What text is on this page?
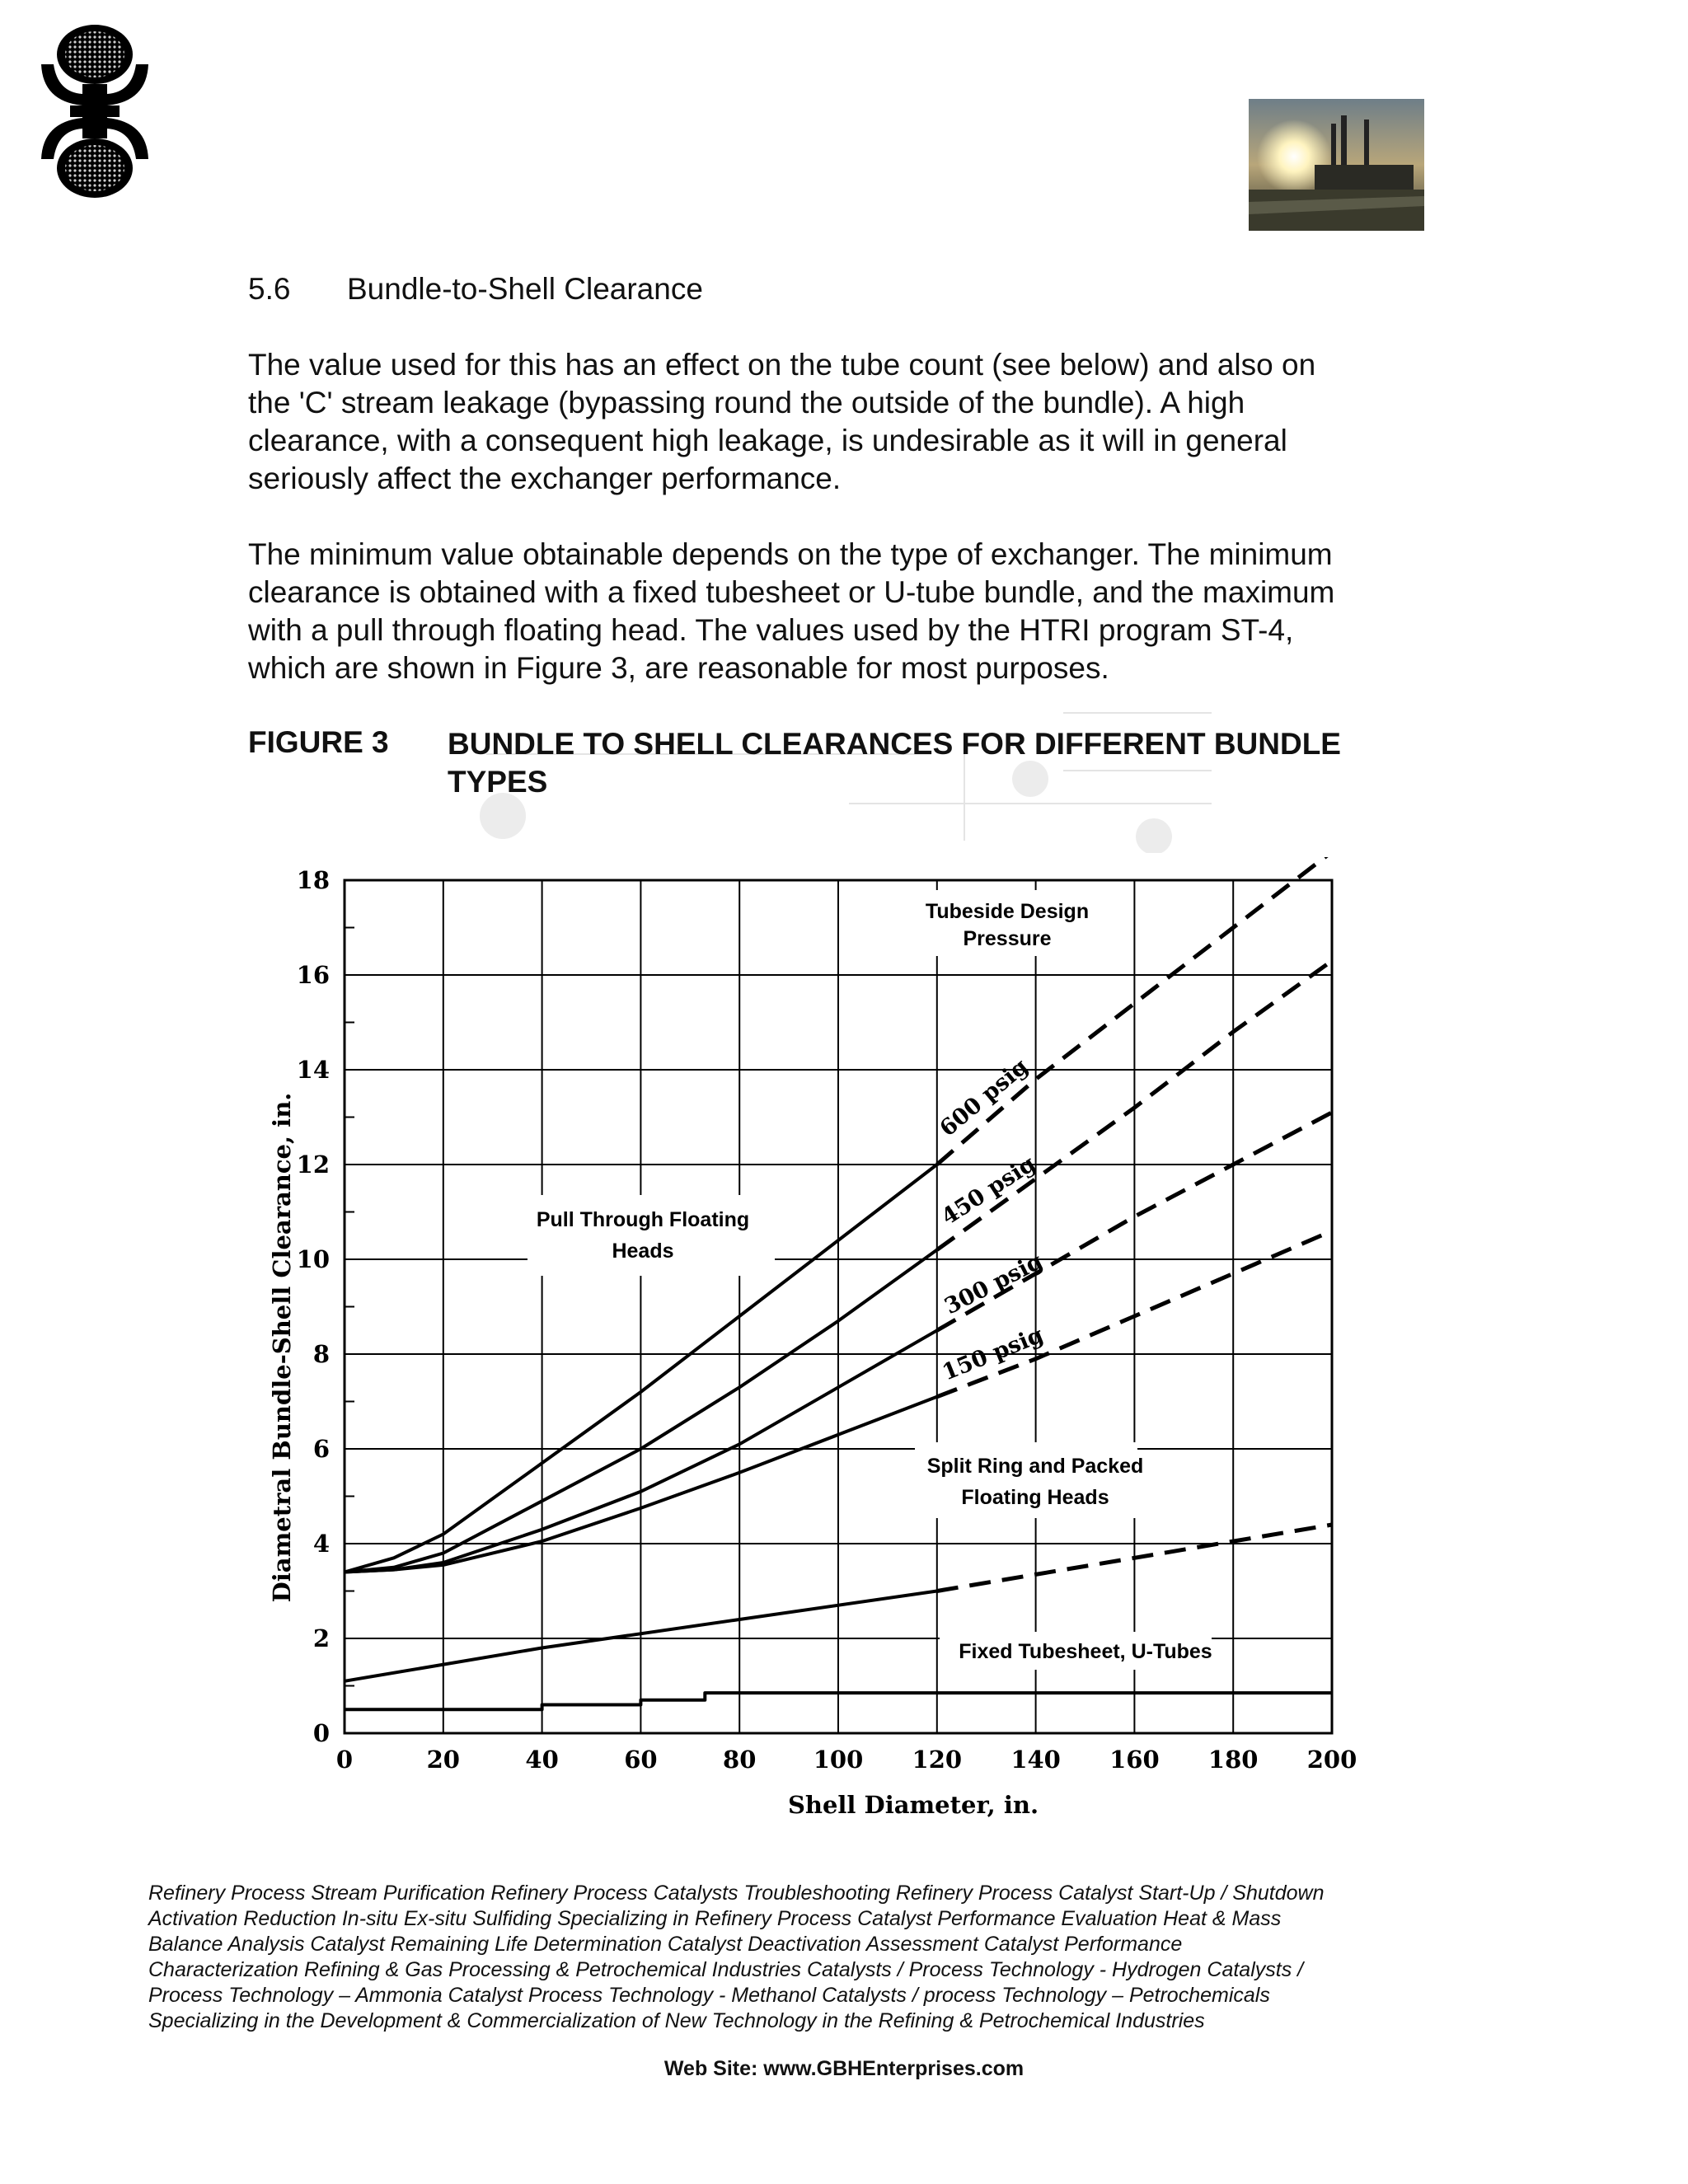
5.6 Bundle-to-Shell Clearance
The value used for this has an effect on the tube count (see below) and also on
the 'C' stream leakage (bypassing round the outside of the bundle). A high
clearance, with a consequent high leakage, is undesirable as it will in general
seriously affect the exchanger performance.
The minimum value obtainable depends on the type of exchanger. The minimum
clearance is obtained with a fixed tubesheet or U-tube bundle, and the maximum
with a pull through floating head. The values used by the HTRI program ST-4,
which are shown in Figure 3, are reasonable for most purposes.
FIGURE 3 BUNDLE TO SHELL CLEARANCES FOR DIFFERENT BUNDLE
TYPES
0	20	40	60	80 100 120 140 160 180 200
0
2
4
6
8
10
12
14
16
18
Tubeside Design
Pressure
Pull Through Floating
Heads
Split Ring and Packed
Floating Heads
Fixed Tubesheet, U-Tubes
600 psig
450 psig
300 psig
150 psig
Shell Diameter, in.
Diametral Bundle-Shell Clearance, in.
Refinery Process Stream Purification Refinery Process Catalysts Troubleshooting Refinery Process Catalyst Start-Up / Shutdown
Activation Reduction In-situ Ex-situ Sulfiding Specializing in Refinery Process Catalyst Performance Evaluation Heat & Mass
Balance Analysis Catalyst Remaining Life Determination Catalyst Deactivation Assessment Catalyst Performance
Characterization Refining & Gas Processing & Petrochemical Industries Catalysts / Process Technology - Hydrogen Catalysts /
Process Technology – Ammonia Catalyst Process Technology - Methanol Catalysts / process Technology – Petrochemicals
Specializing in the Development & Commercialization of New Technology in the Refining & Petrochemical Industries
Web Site: www.GBHEnterprises.com
